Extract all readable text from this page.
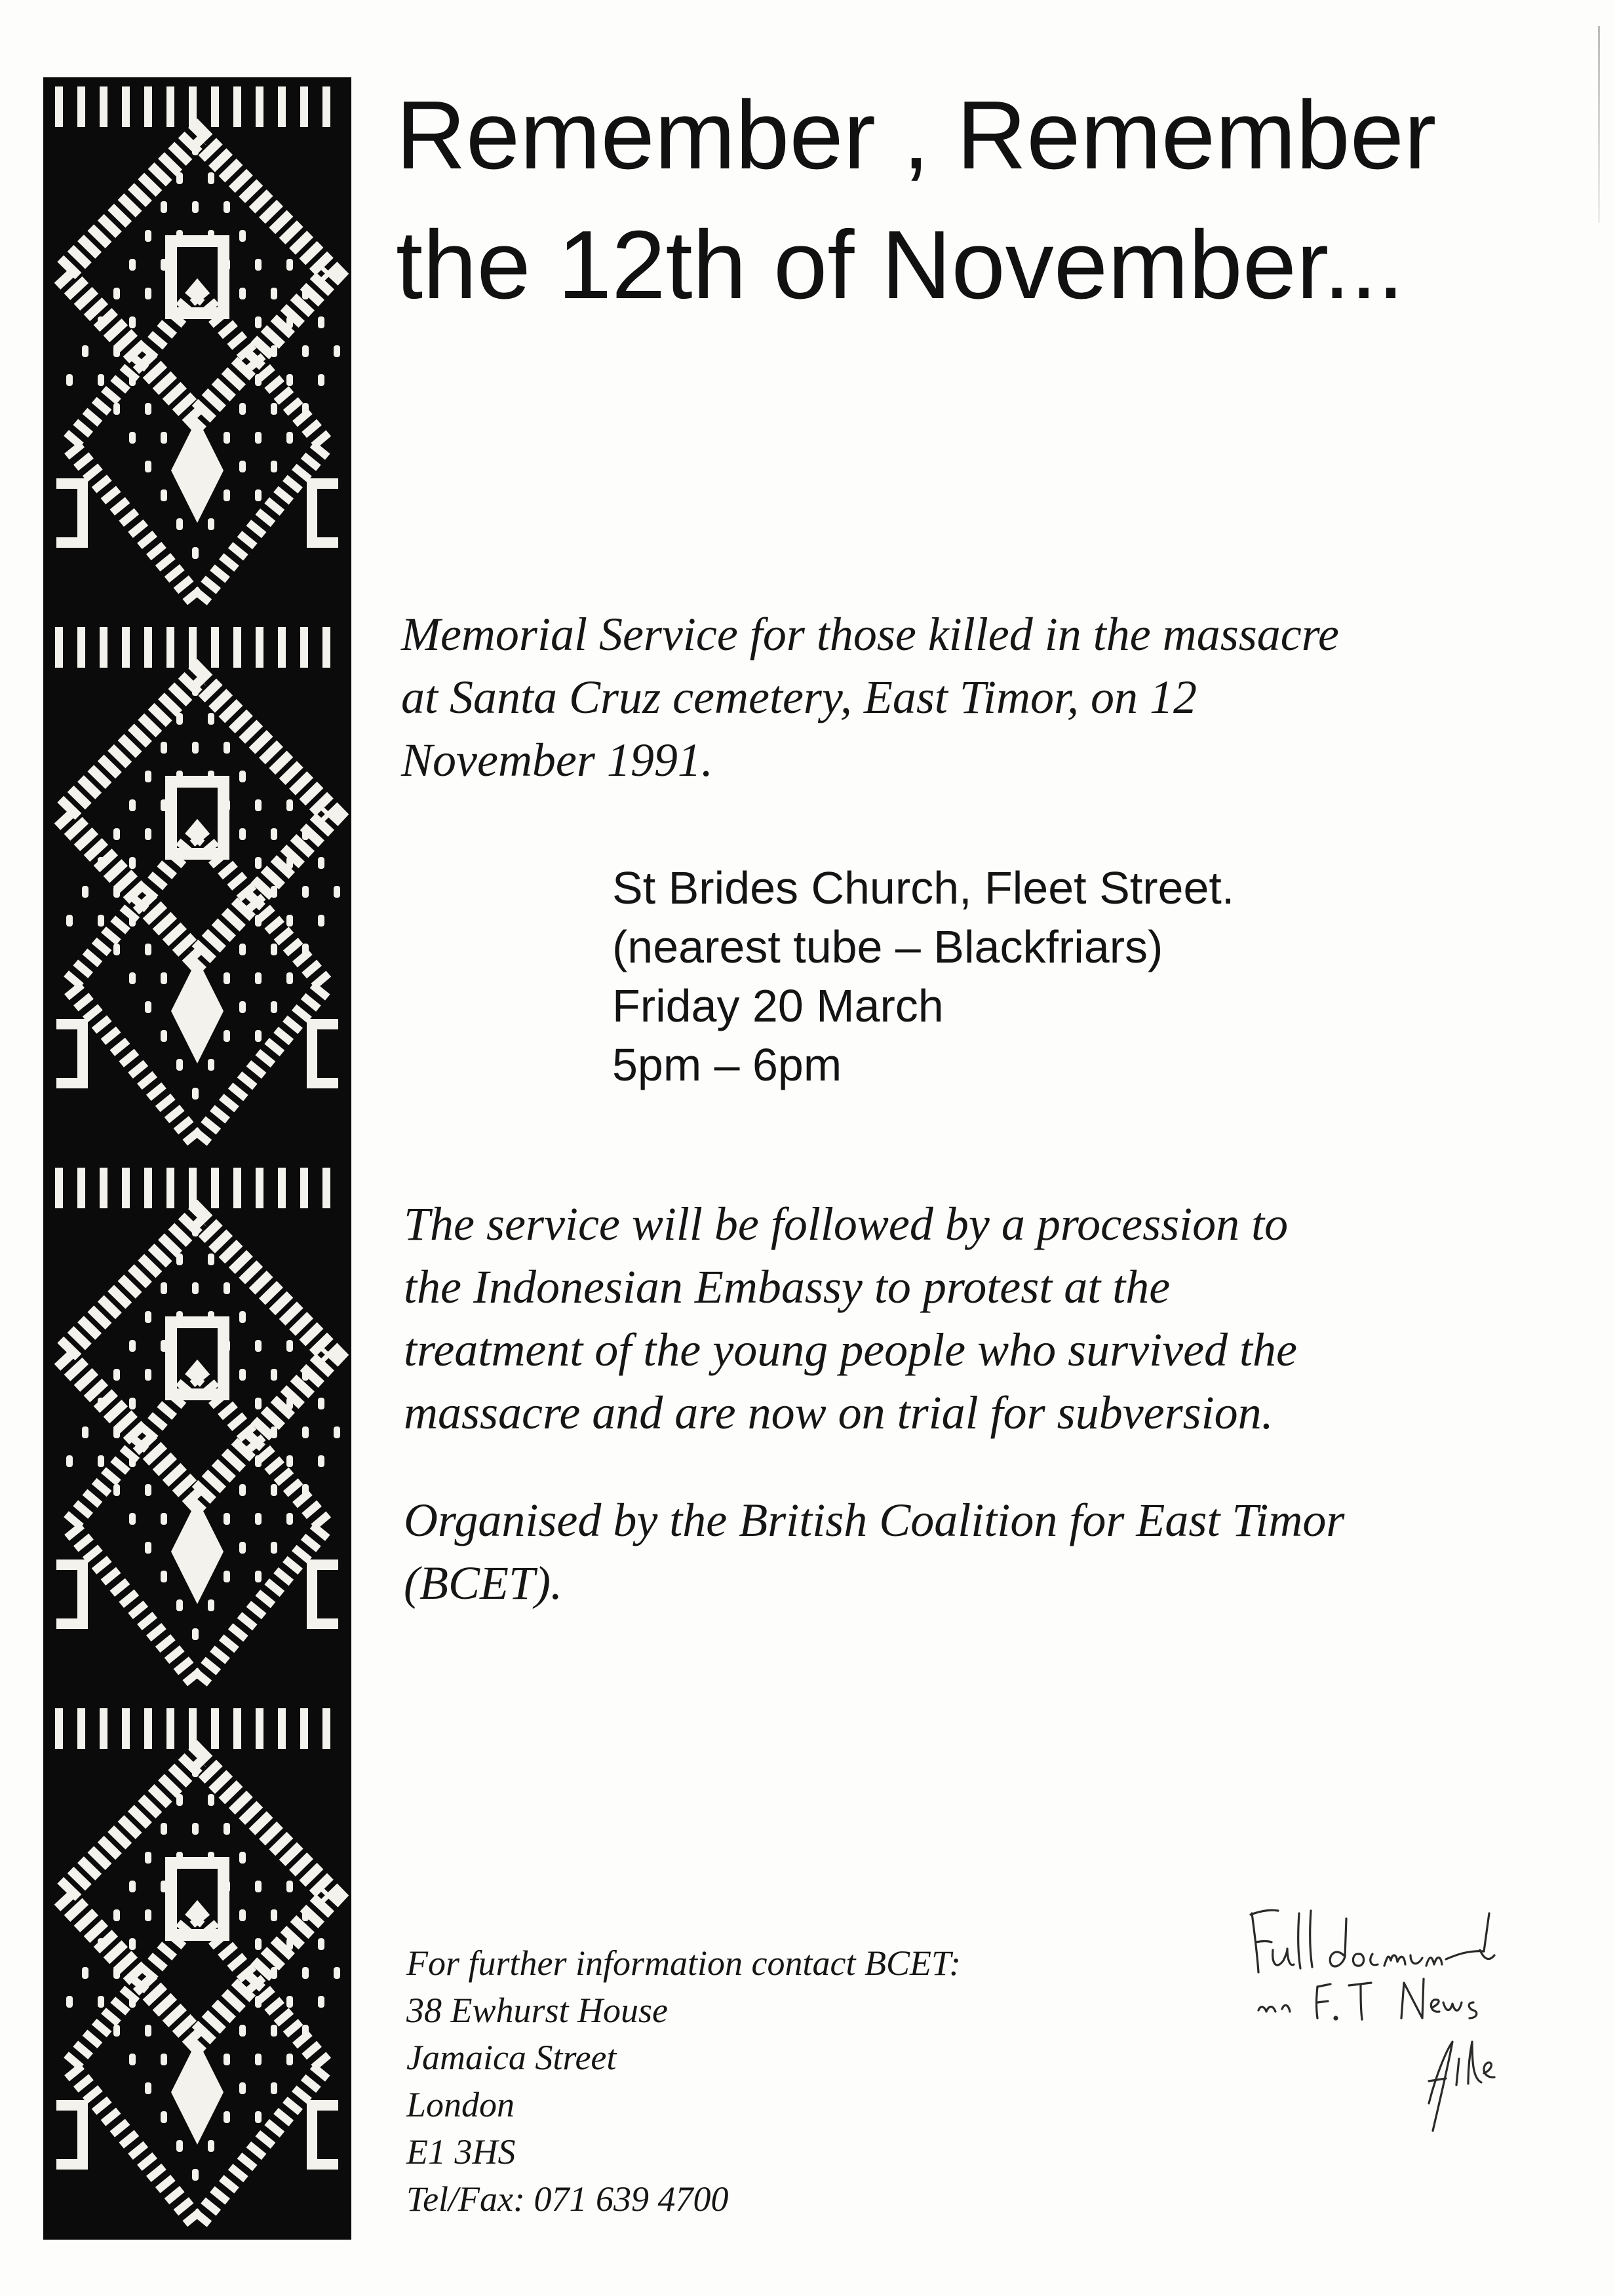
Remember , Remember
the 12th of November...
Memorial Service for those killed in the massacre
at Santa Cruz cemetery, East Timor, on 12
November 1991.
St Brides Church, Fleet Street.
(nearest tube – Blackfriars)
Friday 20 March
5pm – 6pm
The service will be followed by a procession to
the Indonesian Embassy to protest at the
treatment of the young people who survived the
massacre and are now on trial for subversion.
Organised by the British Coalition for East Timor
(BCET).
For further information contact BCET:
38 Ewhurst House
Jamaica Street
London
E1 3HS
Tel/Fax: 071 639 4700
